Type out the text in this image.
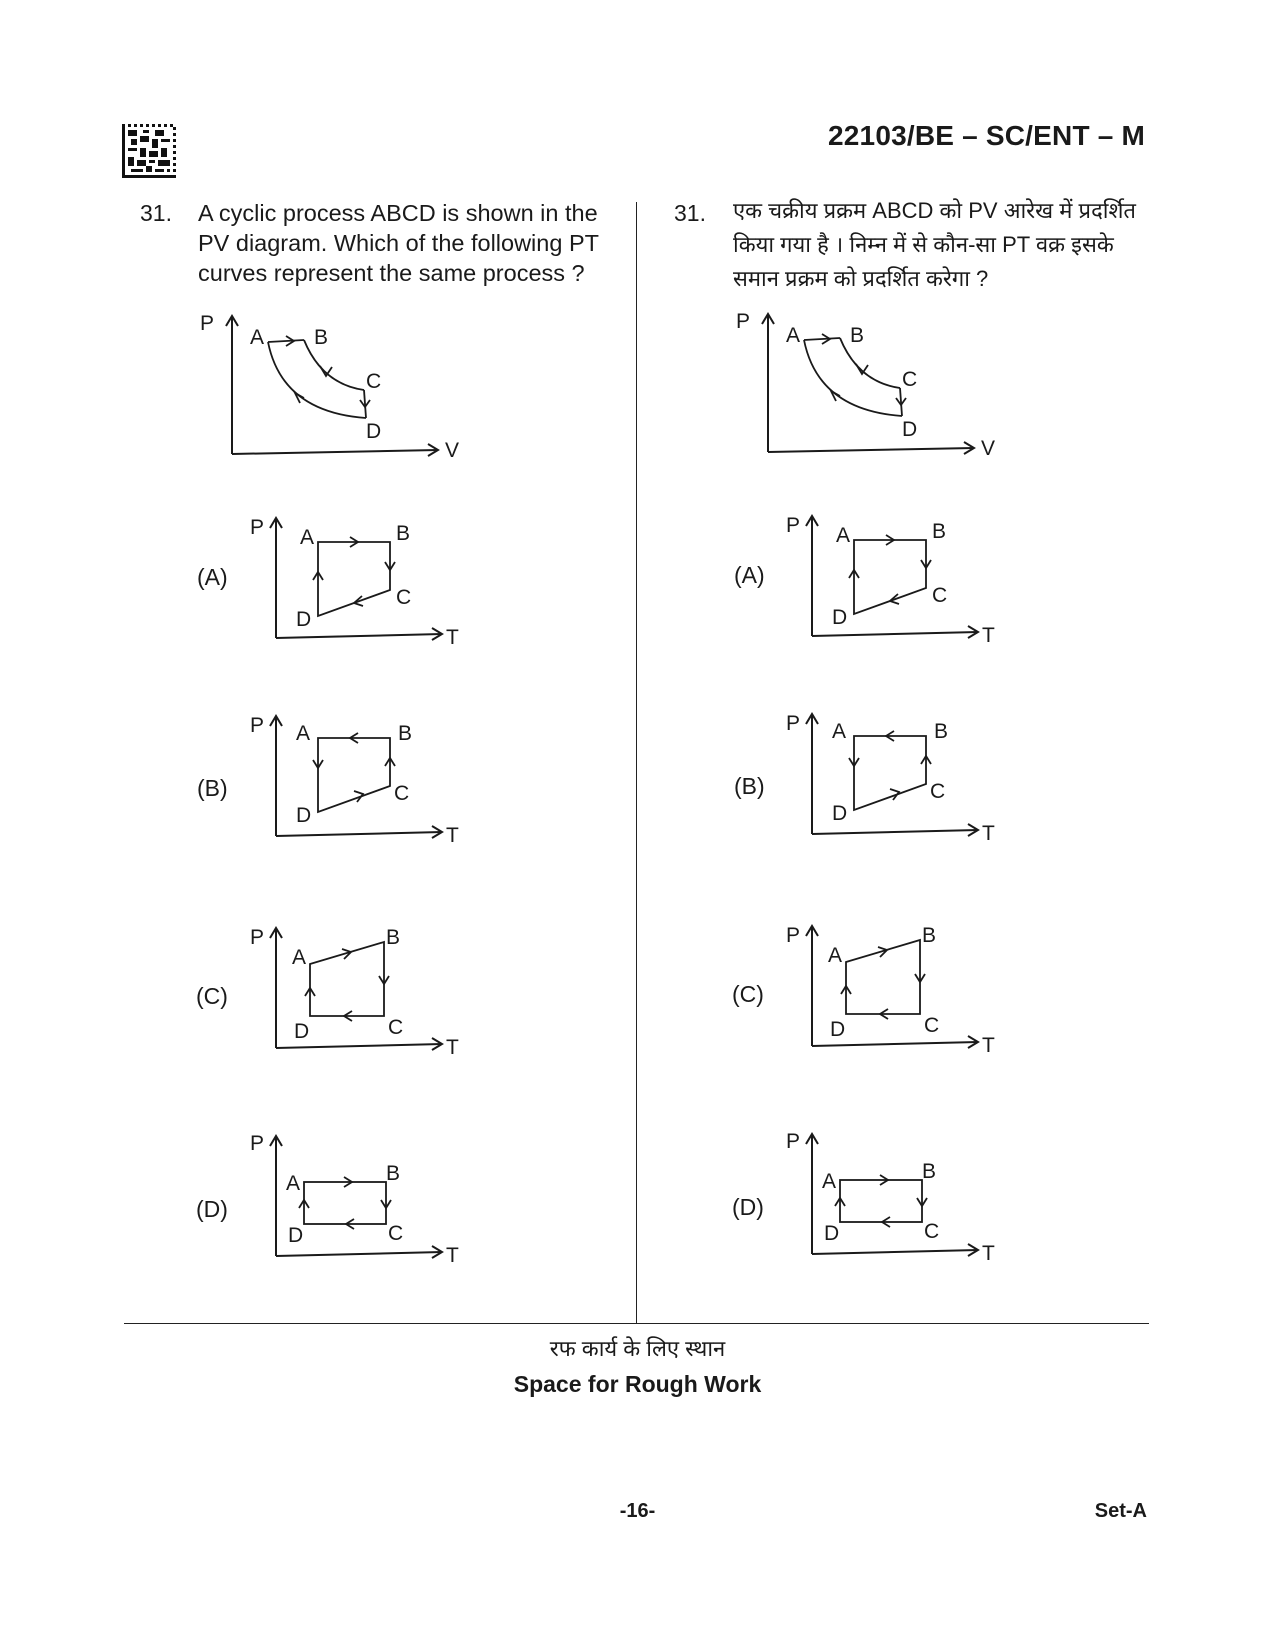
22103/BE – SC/ENT – M
31. A cyclic process ABCD is shown in the
PV diagram. Which of the following PT
curves represent the same process ?
31. एक चक्रीय प्रक्रम ABCD को PV आरेख में प्रदर्शित
किया गया है । निम्न में से कौन-सा PT वक्र इसके
समान प्रक्रम को प्रदर्शित करेगा ?
P
V
A B
C
D
(A)
P
T
A	B
C
D
(B)
P
T
A	B
C
D
(C)
P
T
A
B
C
D
(D)
P
T
A	B
C
D
P
V
A B
C
D
(A)
P
T
A	B
C
D
(B)
P
T
A	B
C
D
(C)
P
T
A
B
C
D
(D)
P
T
A	B
C
D
रफ कार्य के लिए स्थान
Space for Rough Work
-16-	Set-A
